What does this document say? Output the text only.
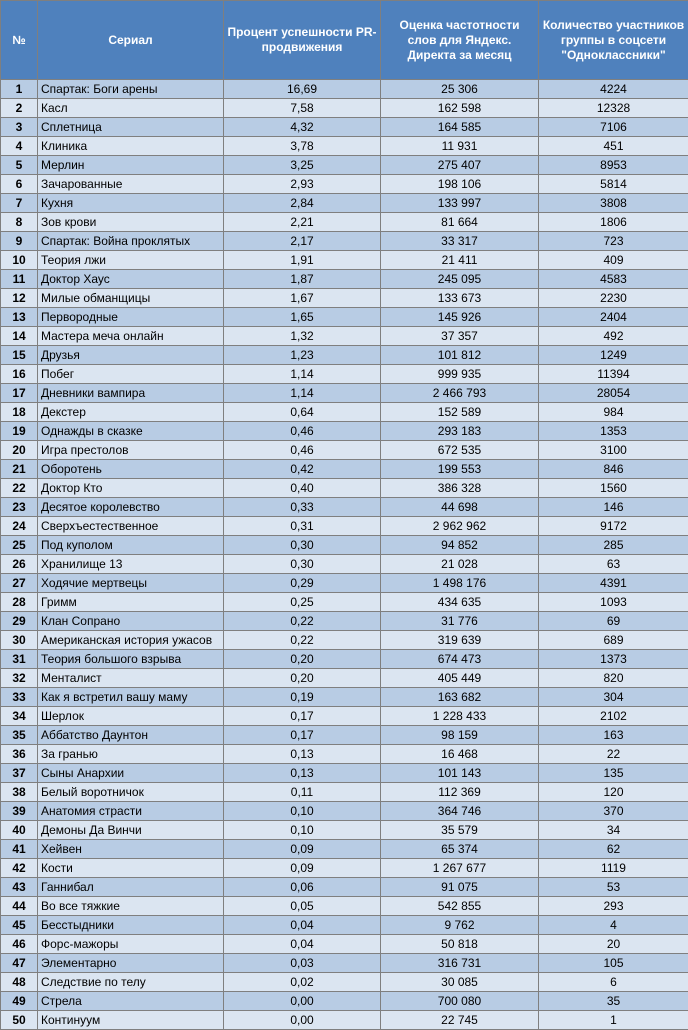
№	Сериал	Процент успешности PR-продвижения	Оценка частотности слов для Яндекс. Директа за месяц	Количество участников группы в соцсети "Одноклассники"
1	Спартак: Боги арены	16,69	25 306	4224
2	Касл	7,58	162 598	12328
3	Сплетница	4,32	164 585	7106
4	Клиника	3,78	11 931	451
5	Мерлин	3,25	275 407	8953
6	Зачарованные	2,93	198 106	5814
7	Кухня	2,84	133 997	3808
8	Зов крови	2,21	81 664	1806
9	Спартак: Война проклятых	2,17	33 317	723
10	Теория лжи	1,91	21 411	409
11	Доктор Хаус	1,87	245 095	4583
12	Милые обманщицы	1,67	133 673	2230
13	Первородные	1,65	145 926	2404
14	Мастера меча онлайн	1,32	37 357	492
15	Друзья	1,23	101 812	1249
16	Побег	1,14	999 935	11394
17	Дневники вампира	1,14	2 466 793	28054
18	Декстер	0,64	152 589	984
19	Однажды в сказке	0,46	293 183	1353
20	Игра престолов	0,46	672 535	3100
21	Оборотень	0,42	199 553	846
22	Доктор Кто	0,40	386 328	1560
23	Десятое королевство	0,33	44 698	146
24	Сверхъестественное	0,31	2 962 962	9172
25	Под куполом	0,30	94 852	285
26	Хранилище 13	0,30	21 028	63
27	Ходячие мертвецы	0,29	1 498 176	4391
28	Гримм	0,25	434 635	1093
29	Клан Сопрано	0,22	31 776	69
30	Американская история ужасов	0,22	319 639	689
31	Теория большого взрыва	0,20	674 473	1373
32	Менталист	0,20	405 449	820
33	Как я встретил вашу маму	0,19	163 682	304
34	Шерлок	0,17	1 228 433	2102
35	Аббатство Даунтон	0,17	98 159	163
36	За гранью	0,13	16 468	22
37	Сыны Анархии	0,13	101 143	135
38	Белый воротничок	0,11	112 369	120
39	Анатомия страсти	0,10	364 746	370
40	Демоны Да Винчи	0,10	35 579	34
41	Хейвен	0,09	65 374	62
42	Кости	0,09	1 267 677	1119
43	Ганнибал	0,06	91 075	53
44	Во все тяжкие	0,05	542 855	293
45	Бесстыдники	0,04	9 762	4
46	Форс-мажоры	0,04	50 818	20
47	Элементарно	0,03	316 731	105
48	Следствие по телу	0,02	30 085	6
49	Стрела	0,00	700 080	35
50	Континуум	0,00	22 745	1
